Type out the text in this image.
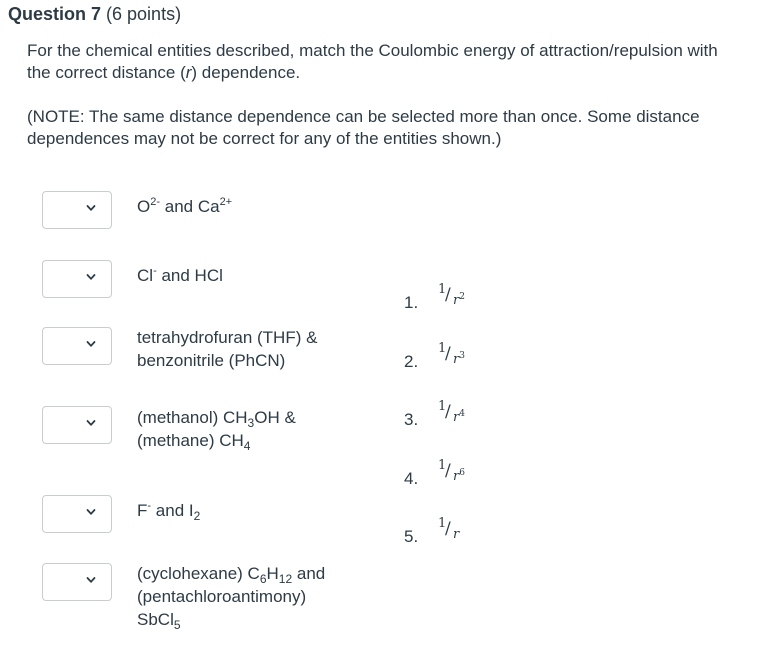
Question 7 (6 points)
For the chemical entities described, match the Coulombic energy of attraction/repulsion with the correct distance (r) dependence.
(NOTE: The same distance dependence can be selected more than once. Some distance dependences may not be correct for any of the entities shown.)
$O^{2-}$ and $Ca^{2+}$
Cl- and HCl
tetrahydrofuran (THF) &
benzonitrile (PhCN)
(methanol) $CH_3OH$ &
(methane) $CH_4$
F- and $I_2$
(cyclohexane) $C_6H_{12}$ and
(pentachloroantimony)
SbCl$_5$
1.
1
/ $r^2$
2.
1
/ $r^3$
3.
1
/ $r^4$
4.
1
/ $r^6$
5.
1
/ r
